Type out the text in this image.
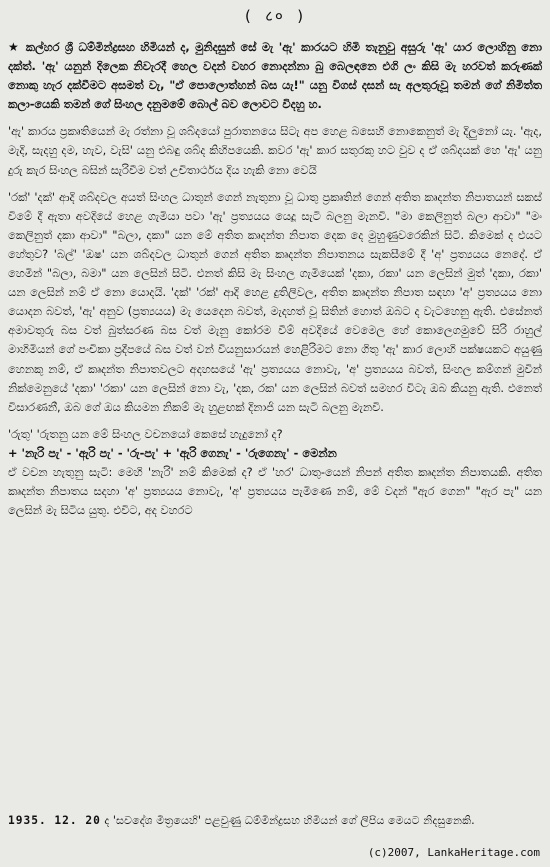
( ८० )

★ කල්හර ශ්‍රී ධම්මින්ද්‍රසහ හිමියන් ද, මුනිදසුන් සේ මැ 'ඇ' කාරයට හිමි තැනුවු අසුරු 'ඇ' යාර ලොහිනු නො දක්ත්. 'ඇ' යනුන් දිලෙක නිවැරදී හෙල වදන් වහර නොදන්නා බු බෙලඳනෙ එගි ලං කිසි මැ හරවත් කරුණක් නොකු හැර දක්වීමට අසමත් වැ, "ඒ පොලොත්හන් බස යැ!" යනු විගස් දසන් සැ අලතුරුවූ තමන් ගේ නිමිත්ත කලා-යෙකි තමන් ගේ සිංහල දනුමමේ බොල් බව ලොවට විදහු හ.

'ඇ' කාරය ප්‍රකෘතියෙන් මැ රත්නා වූ ශබ්දයෝ පුරාතනයෙ සිටැ අප හෙළ බසෙහි නොකෙනුත් මැ දිලුනෝ යැ. 'ඇද, මැදි, සැදහු දම, හැව, වැසි' යනු එබඳු ශබ්ද කිහිපයෙකි. කවර 'ඇ' කාර සතුරකු හට වුව ද ඒ ශබ්දයක් හෙ 'ඇ' යනු දුරු කැර සිංහල බසින් සැරිවීම වත් උචිතාර්ථය දිය හැකි නො වෙයි

'රක්' 'දක්' ආදි ශබ්දවල අයත් සිංහල ධාතුන් ගෙන් නැතුනා වූ ධාතු ප්‍රකෘතින් ගෙන් අතිත කෘදන්ත නිපාතයන් සකස් විමේ දී ඇතා අවදියේ හෙළ ගැමියා පවා 'ඇ' ප්‍රත්‍යයය යෙදූ සැටි බලනු මැනවි. "මා කෙලිනුත් බලා ආවා" "මං කෙලිනුත් දකා ආවා" "බලා, දකා" යන මේ අතිත කෘදන්ත නිපාත දෙක දෙ මුහුණුවරෙකින් සිටි. කිමෙක් ද එයට හේතුව? 'බල්' 'ඔෂ' යන ශබ්දවල ධාතුන් ගෙන් අතිත කෘදන්ත නිපාතනය සැකසීමේ දී 'අ' ප්‍රත්‍යයය නෙදේ. ඒ හෙමින් "බලා, බමා" යන ලෙසින් සිටි. එනත් කිසි මැ සිංහල ගැමියෙක් 'දකා, රකා' යන ලෙසින් මුත් 'දකා, රකා' යන ලෙසින් නම් ඒ නො යොදයි. 'දක්' 'රක්' ආදි හෙළ දුතිලිවල, අතිත කෘදන්ත නිපාත සඳහා 'අ' ප්‍රත්‍යයය නො යොදන බවත්, 'ඇ' අනුව (ප්‍රත්‍යයය) මැ යෙදෙන බවත්, මැදහත් වූ සිතින් හොත් ඔබට ද වැටහෙනු ඇති. එසේනත් අමාවතුරු බස වත් බුත්සරණ බස වත් මැනු කෝරම වීම් අවදියේ වෙමෙල හේ කොලෙගමුවේ සිරි රාහුල් මාහිමියන් ගේ පංචිකා ප්‍රදීපයේ බස වත් වන් වියනුසාරයන් හෙළිරිමට නො ගිතු 'ඇ' කාර ලොහි පක්ෂයකට අයුණු හෙනකු නම්, ඒ කෘදන්ත නිපාතවලට අදහසයේ 'ඇ' ප්‍රත්‍යයය නොවැ, 'අ' ප්‍රත්‍යයය බවත්, සිංහල කම්ගන් මුවින් නික්මෙනුයේ 'දකා' 'රකා' යන ලෙසින් නො වැ, 'දක, රක' යන ලෙසින් බවත් සමහර විටැ ඔබ කියනු ඇති. එනෙත් විසාරණනී, ඔබ ගේ ඔය කියමන නිකම් මැ හුළඟක් දිනාජි යන සැටි බලනු මැනවි.

'රුතු' 'රුතනු යන මේ සිංහල වචනයෝ කෙසේ හැදුනෝ ද?
+ 'නැරි පැ' - 'ඇරි පැ' - 'රු-පැ' + 'ඇරි ගෙනැ' - 'රුගෙනැ' - මෙන්න
ඒ වචන හැතුනු සැටි: මෙහි 'නැරි' නම් කිමෙක් ද? ඒ 'හර' ධාතු-යෙන් නිපන් අතිත කෘදන්ත නිපාතයකි. අතිත කෘදන්ත නිපාතය සදහා 'අ' ප්‍රත්‍යයය නොවැ, 'අ' ප්‍රත්‍යයය පැමිණෙ නම්, මේ වදන් "ඇර ගෙන" "ඇර පැ" යන ලෙසින් මැ සිටිය යුතු. එවිට, අද වහරට

1935. 12. 20 ද 'සවදේශ මිත්‍රයෙහි' පළවුණු ධම්මින්ද්‍රසහ හිමියන් ගේ ලිපිය මෙයට නිදසුනෙකි.
(c)2007, LankaHeritage.com
